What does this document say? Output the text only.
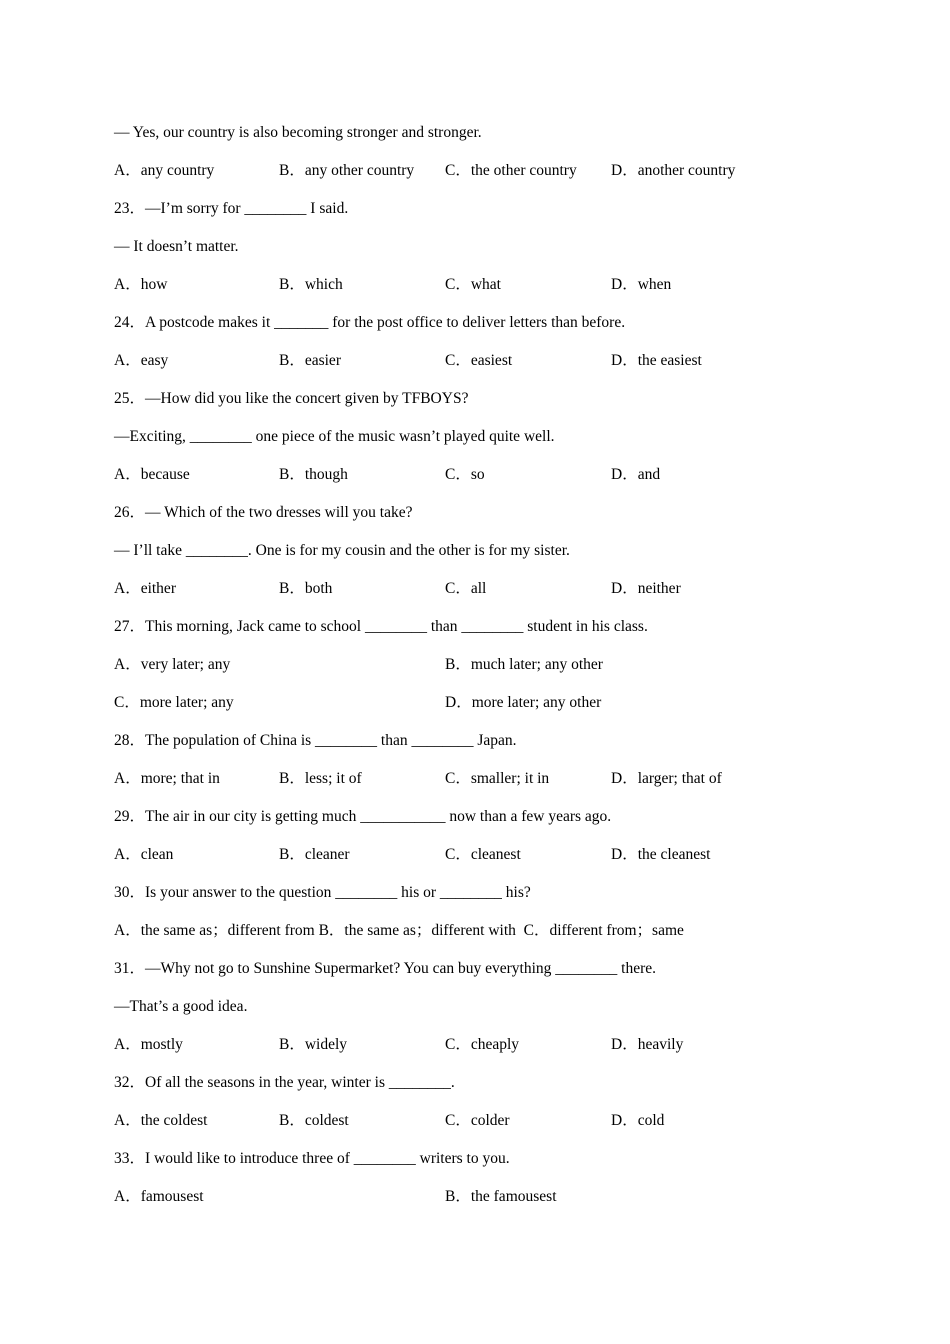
— Yes, our country is also becoming stronger and stronger.
A．any country	B．any other country C．the other country D．another country
23．—I’m sorry for ________ I said.
— It doesn’t matter.
A．how	B．which	C．what	D．when
24．A postcode makes it _______ for the post office to deliver letters than before.
A．easy	B．easier	C．easiest	D．the easiest
25．—How did you like the concert given by TFBOYS?
—Exciting, ________ one piece of the music wasn’t played quite well.
A．because	B．though	C．so	D．and
26．— Which of the two dresses will you take?
— I’ll take ________. One is for my cousin and the other is for my sister.
A．either	B．both	C．all	D．neither
27．This morning, Jack came to school ________ than ________ student in his class.
A．very later; any	B．much later; any other
C．more later; any	D．more later; any other
28．The population of China is ________ than ________ Japan.
A．more; that in	B．less; it of	C．smaller; it in	D．larger; that of
29．The air in our city is getting much ___________ now than a few years ago.
A．clean	B．cleaner	C．cleanest	D．the cleanest
30．Is your answer to the question ________ his or ________ his?
A．the same as；different from B．the same as；different with  C．different from；same
31．—Why not go to Sunshine Supermarket? You can buy everything ________ there.
—That’s a good idea.
A．mostly	B．widely	C．cheaply	D．heavily
32．Of all the seasons in the year, winter is ________.
A．the coldest	B．coldest	C．colder	D．cold
33．I would like to introduce three of ________ writers to you.
A．famousest	B．the famousest
